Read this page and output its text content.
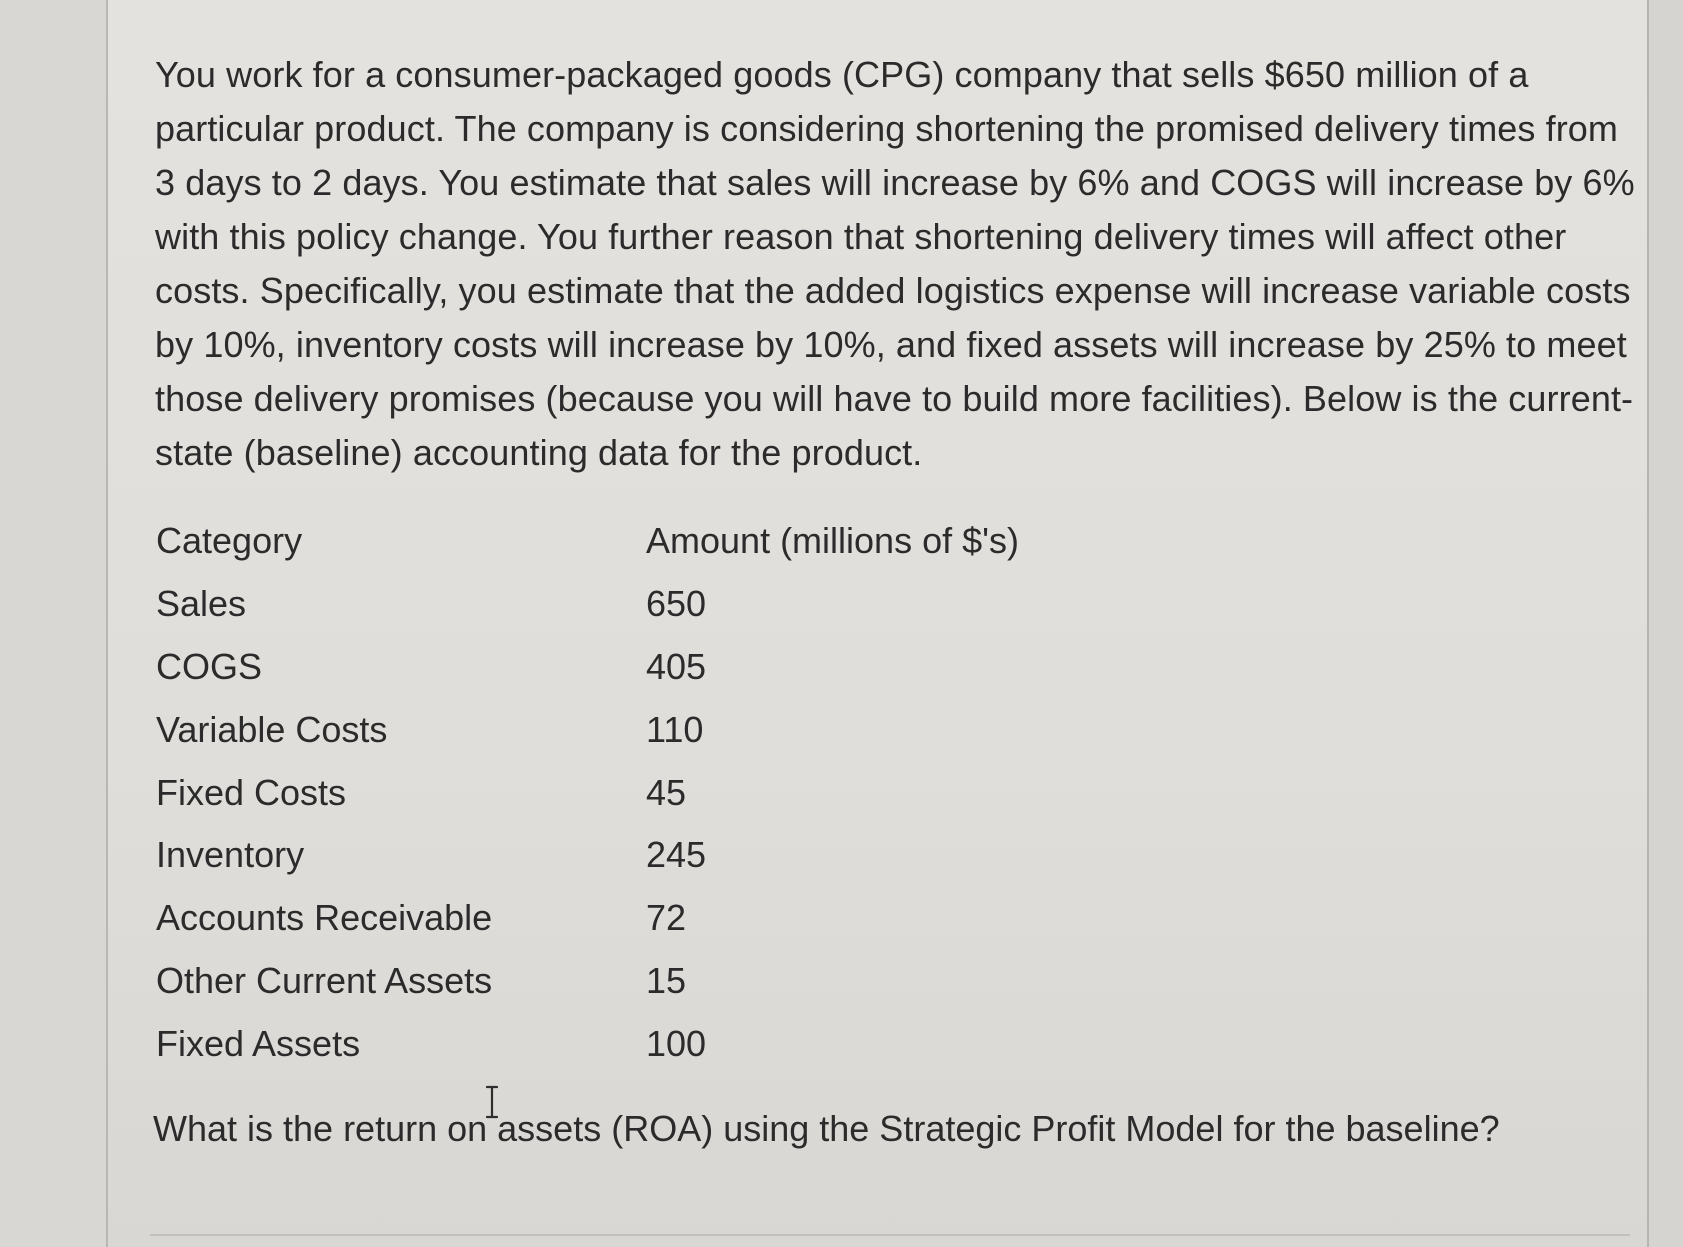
You work for a consumer-packaged goods (CPG) company that sells $650 million of a particular product. The company is considering shortening the promised delivery times from 3 days to 2 days. You estimate that sales will increase by 6% and COGS will increase by 6% with this policy change. You further reason that shortening delivery times will affect other costs. Specifically, you estimate that the added logistics expense will increase variable costs by 10%, inventory costs will increase by 10%, and fixed assets will increase by 25% to meet those delivery promises (because you will have to build more facilities). Below is the current-state (baseline) accounting data for the product.

Category	Amount (millions of $'s)
Sales	650
COGS	405
Variable Costs	110
Fixed Costs	45
Inventory	245
Accounts Receivable	72
Other Current Assets	15
Fixed Assets	100

What is the return on assets (ROA) using the Strategic Profit Model for the baseline?
